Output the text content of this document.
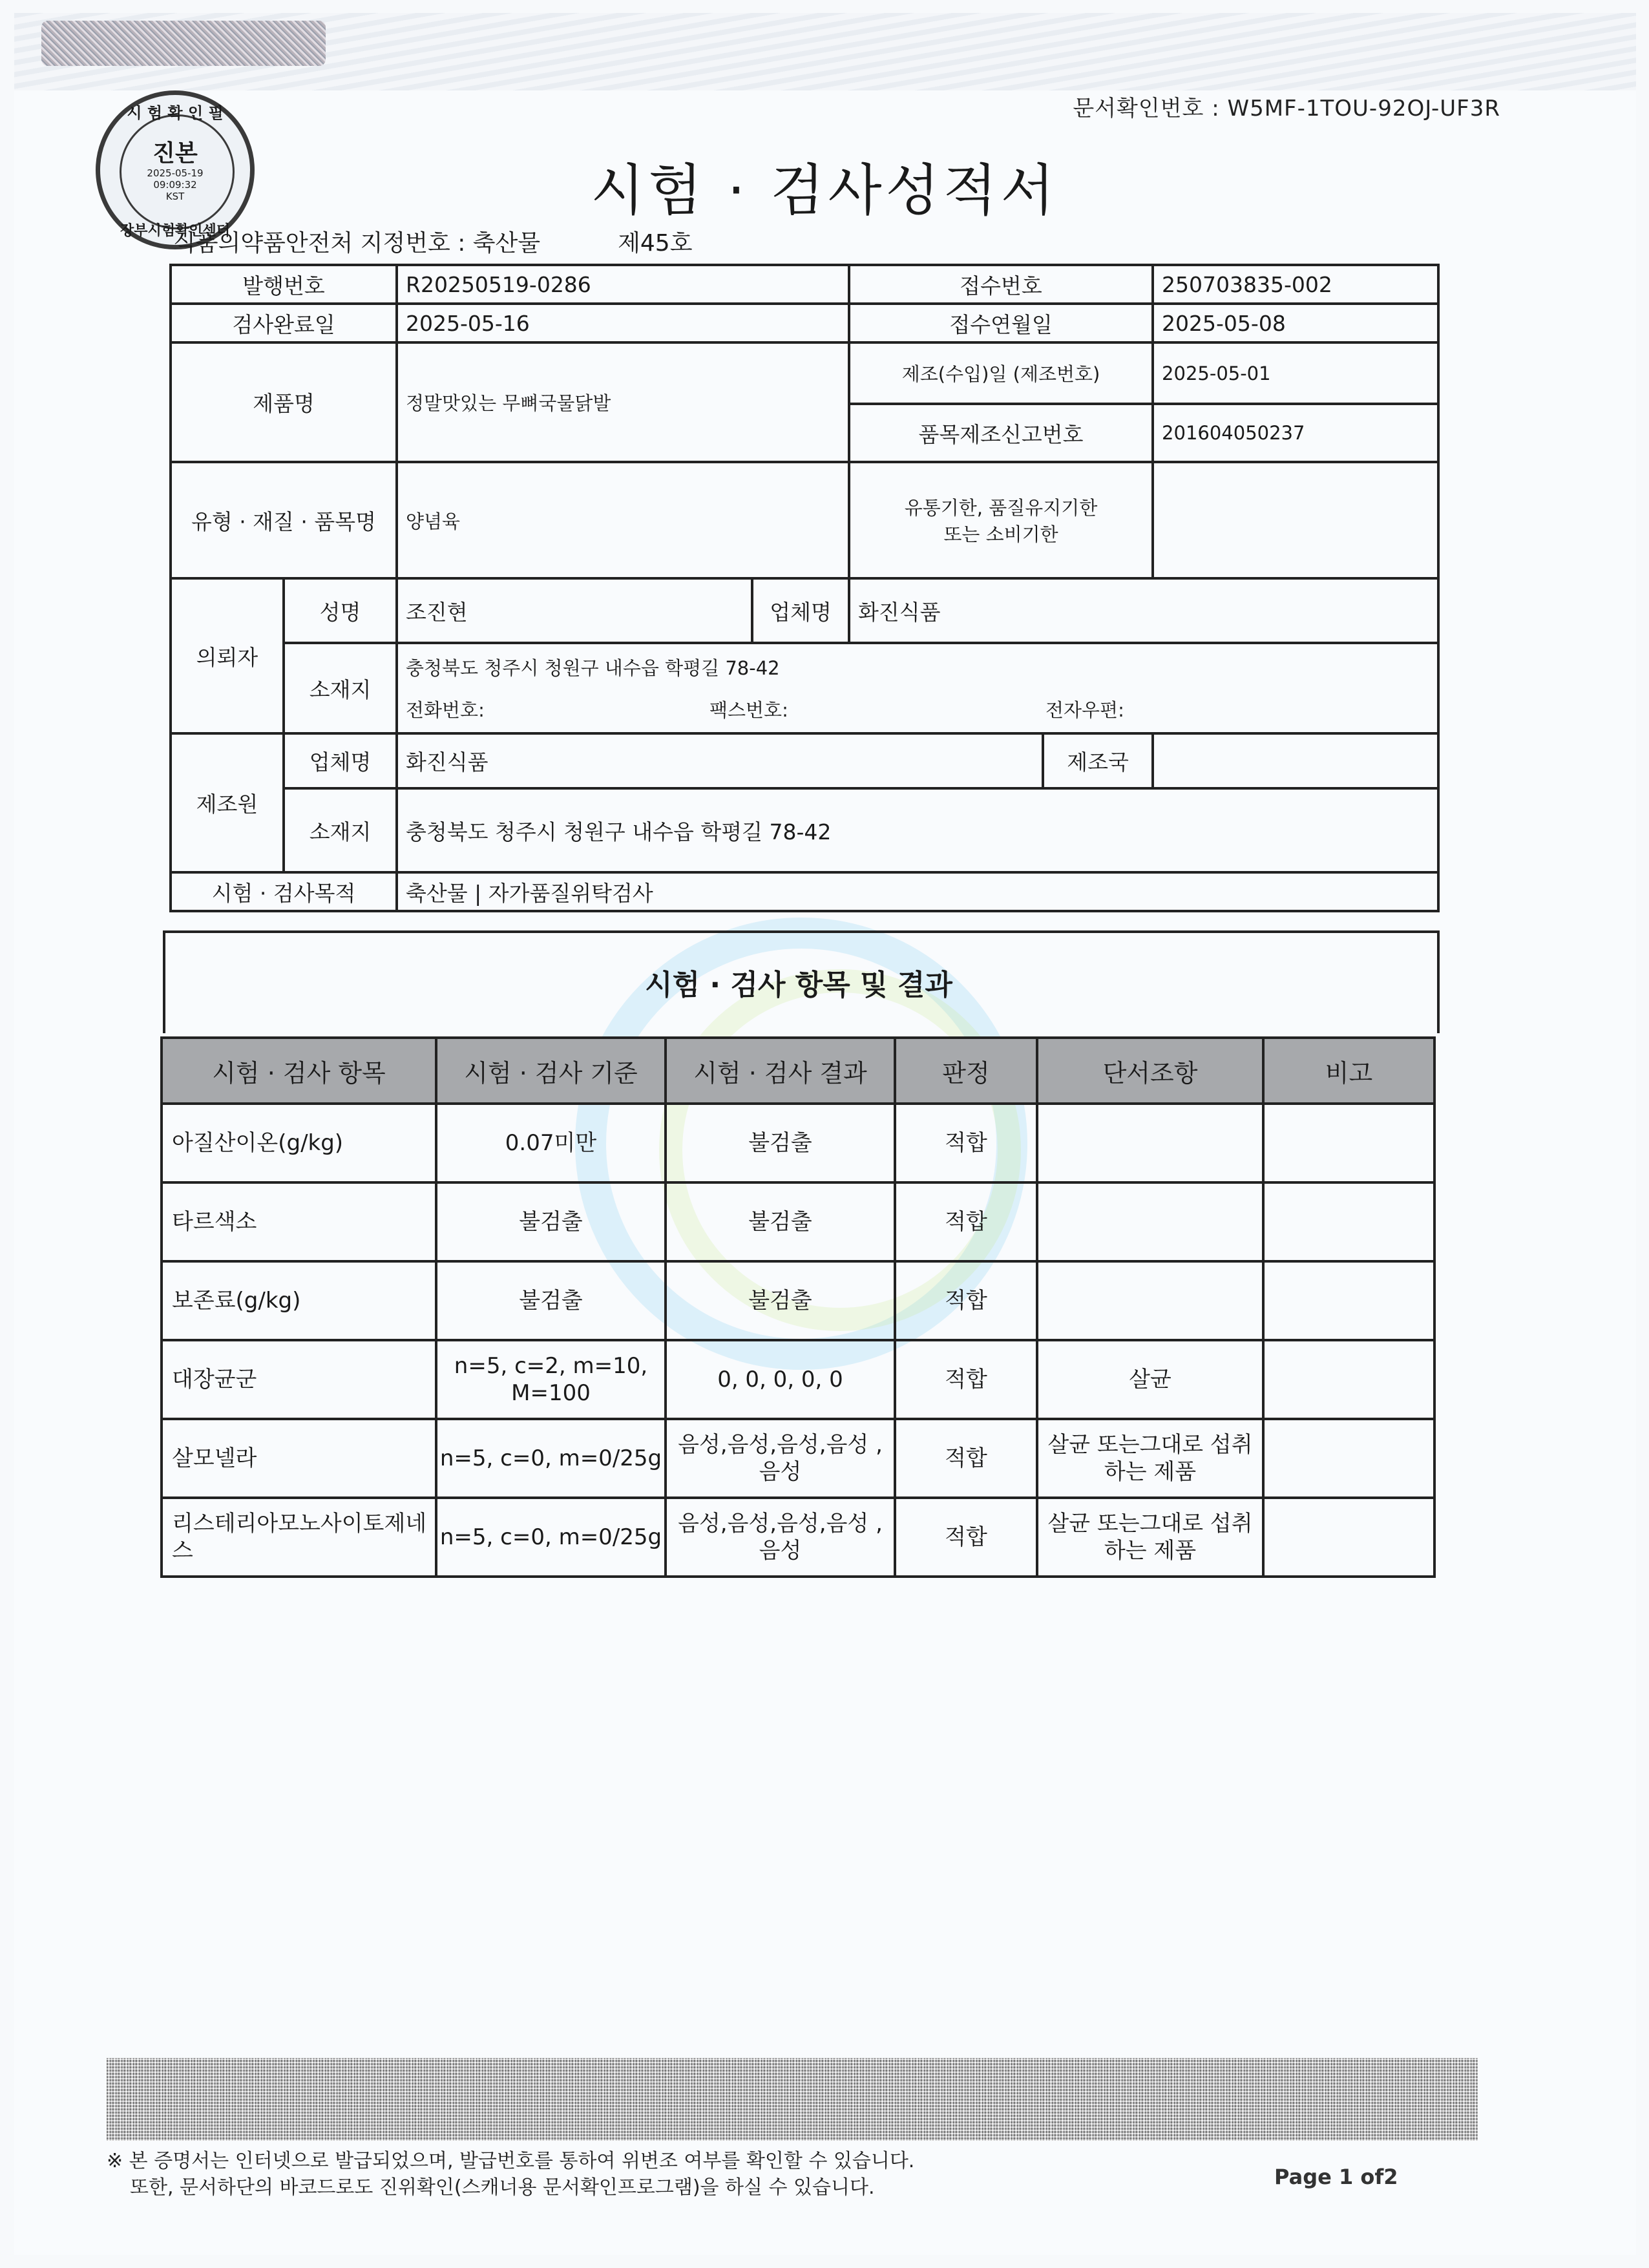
문서확인번호 : W5MF-1TOU-92OJ-UF3R
시 험 확 인 필
진본
2025-05-19
09:09:32
KST
장부시험확인센터
시험 · 검사성적서
식품의약품안전처 지정번호 : 축산물	제45호
발행번호		R20250519-0286		접수번호		250703835-002
검사완료일		2025-05-16		접수연월일		2025-05-08
제품명		정말맛있는 무뼈국물닭발		제조(수입)일 (제조번호)		2025-05-01
				품목제조신고번호		201604050237
유형 · 재질 · 품목명		양념육		유통기한, 품질유지기한
또는 소비기한		

의뢰자	성명	조진현	업체명	화진식품		
	소재지	충청북도 청주시 청원구 내수읍 학평길 78-42
전화번호: 팩스번호: 전자우편:				

제조원	업체명	화진식품			제조국	
	소재지	충청북도 청주시 청원구 내수읍 학평길 78-42				
시험 · 검사목적		축산물 | 자가품질위탁검사				
시험 · 검사 항목 및 결과
시험 · 검사 항목	시험 · 검사 기준	시험 · 검사 결과	판정	단서조항	비고
아질산이온(g/kg)	0.07미만	불검출	적합		
타르색소	불검출	불검출	적합		
보존료(g/kg)	불검출	불검출	적합		
대장균군	n=5, c=2, m=10, M=100	0, 0, 0, 0, 0	적합	살균	
살모넬라	n=5, c=0, m=0/25g	음성,음성,음성,음성 ,음성	적합	살균 또는그대로 섭취하는 제품	
리스테리아모노사이토제네스	n=5, c=0, m=0/25g	음성,음성,음성,음성 ,음성	적합	살균 또는그대로 섭취하는 제품	
※ 본 증명서는 인터넷으로 발급되었으며, 발급번호를 통하여 위변조 여부를 확인할 수 있습니다.
또한, 문서하단의 바코드로도 진위확인(스캐너용 문서확인프로그램)을 하실 수 있습니다.	Page 1 of2
